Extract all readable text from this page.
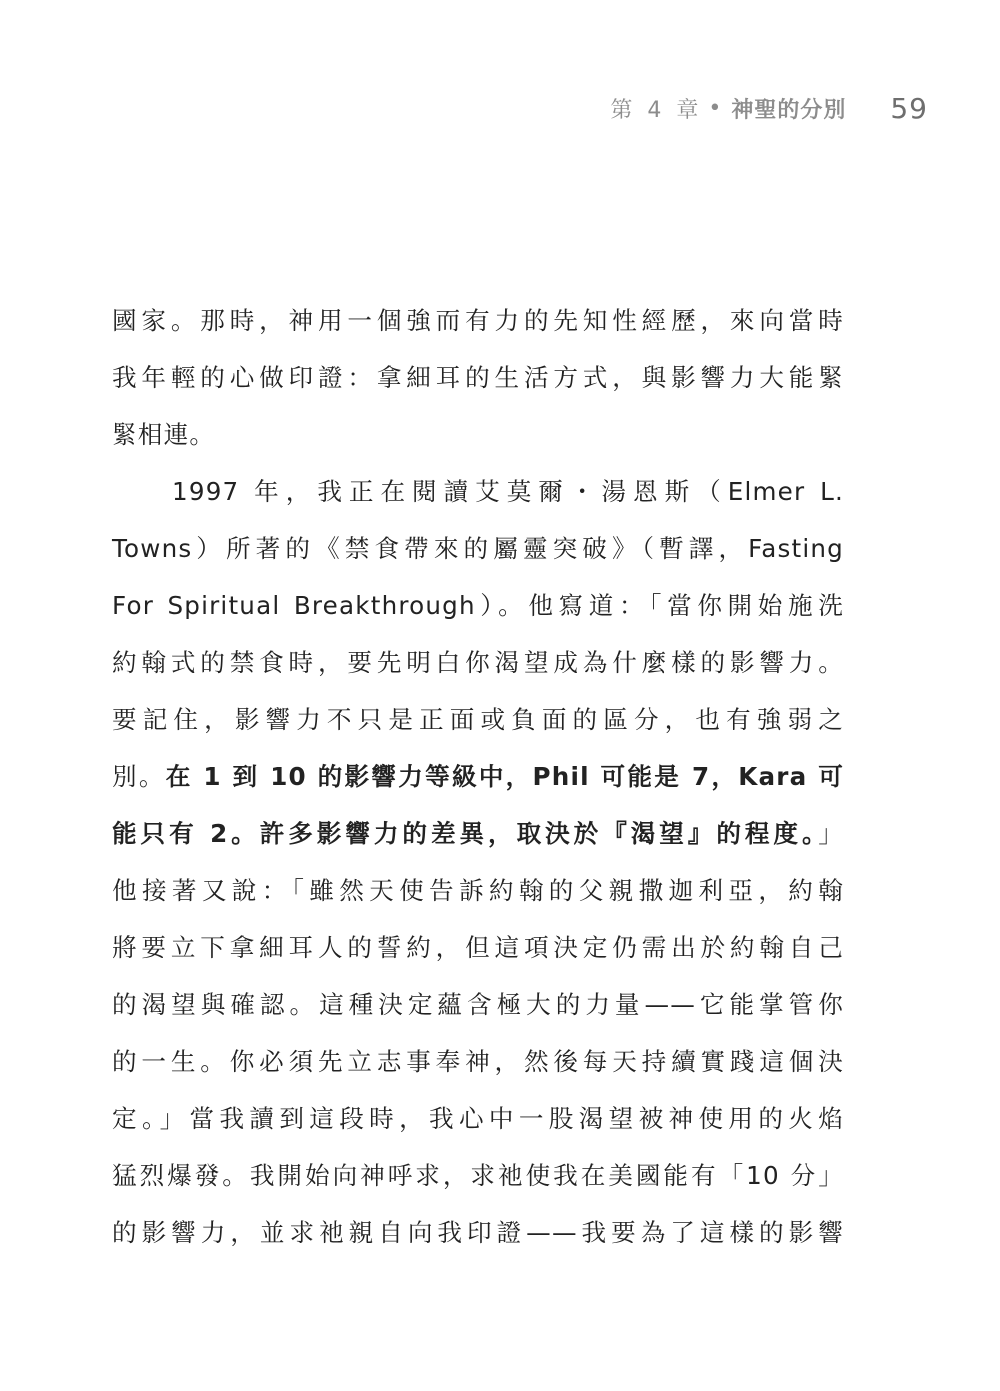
第 4 章 • 神聖的分別 59
國家。那時，神用一個強而有力的先知性經歷，來向當時
我年輕的心做印證：拿細耳的生活方式，與影響力大能緊
緊相連。
1997 年，我正在閱讀艾莫爾・湯恩斯（Elmer L.
Towns）所著的《禁食帶來的屬靈突破》（暫譯，Fasting
For Spiritual Breakthrough）。他寫道：「當你開始施洗
約翰式的禁食時，要先明白你渴望成為什麼樣的影響力。
要記住，影響力不只是正面或負面的區分，也有強弱之
別。在 1 到 10 的影響力等級中，Phil 可能是 7，Kara 可
能只有 2。許多影響力的差異，取決於『渴望』的程度。」
他接著又說：「雖然天使告訴約翰的父親撒迦利亞，約翰
將要立下拿細耳人的誓約，但這項決定仍需出於約翰自己
的渴望與確認。這種決定蘊含極大的力量——它能掌管你
的一生。你必須先立志事奉神，然後每天持續實踐這個決
定。」當我讀到這段時，我心中一股渴望被神使用的火焰
猛烈爆發。我開始向神呼求，求祂使我在美國能有「10 分」
的影響力，並求祂親自向我印證——我要為了這樣的影響
